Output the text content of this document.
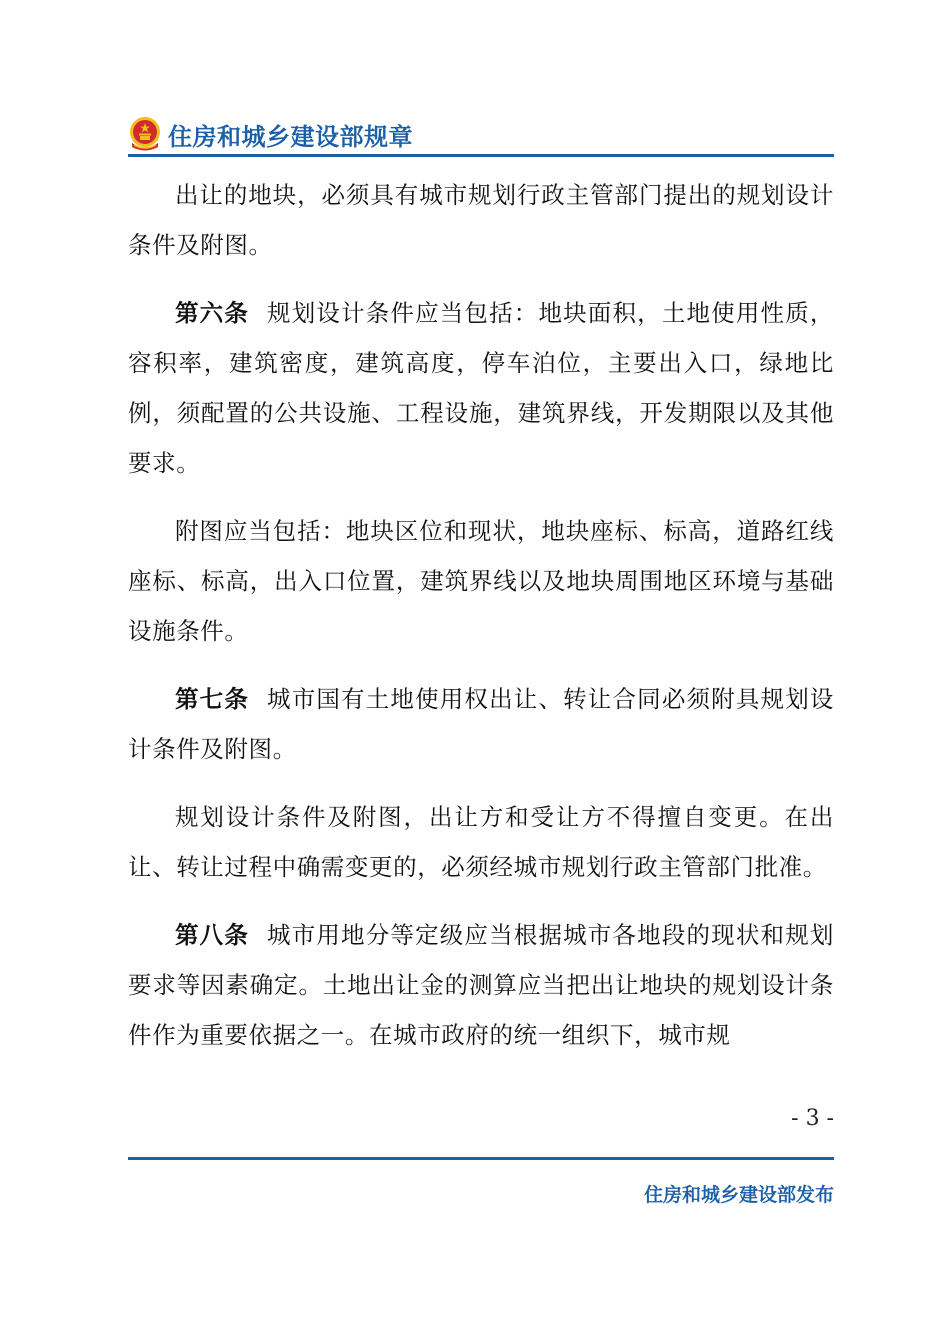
住房和城乡建设部规章

出让的地块，必须具有城市规划行政主管部门提出的规划设计条件及附图。

第六条 规划设计条件应当包括：地块面积，土地使用性质，容积率，建筑密度，建筑高度，停车泊位，主要出入口，绿地比例，须配置的公共设施、工程设施，建筑界线，开发期限以及其他要求。

附图应当包括：地块区位和现状，地块座标、标高，道路红线座标、标高，出入口位置，建筑界线以及地块周围地区环境与基础设施条件。

第七条 城市国有土地使用权出让、转让合同必须附具规划设计条件及附图。

规划设计条件及附图，出让方和受让方不得擅自变更。在出让、转让过程中确需变更的，必须经城市规划行政主管部门批准。

第八条 城市用地分等定级应当根据城市各地段的现状和规划要求等因素确定。土地出让金的测算应当把出让地块的规划设计条件作为重要依据之一。在城市政府的统一组织下，城市规

- 3 -
住房和城乡建设部发布
